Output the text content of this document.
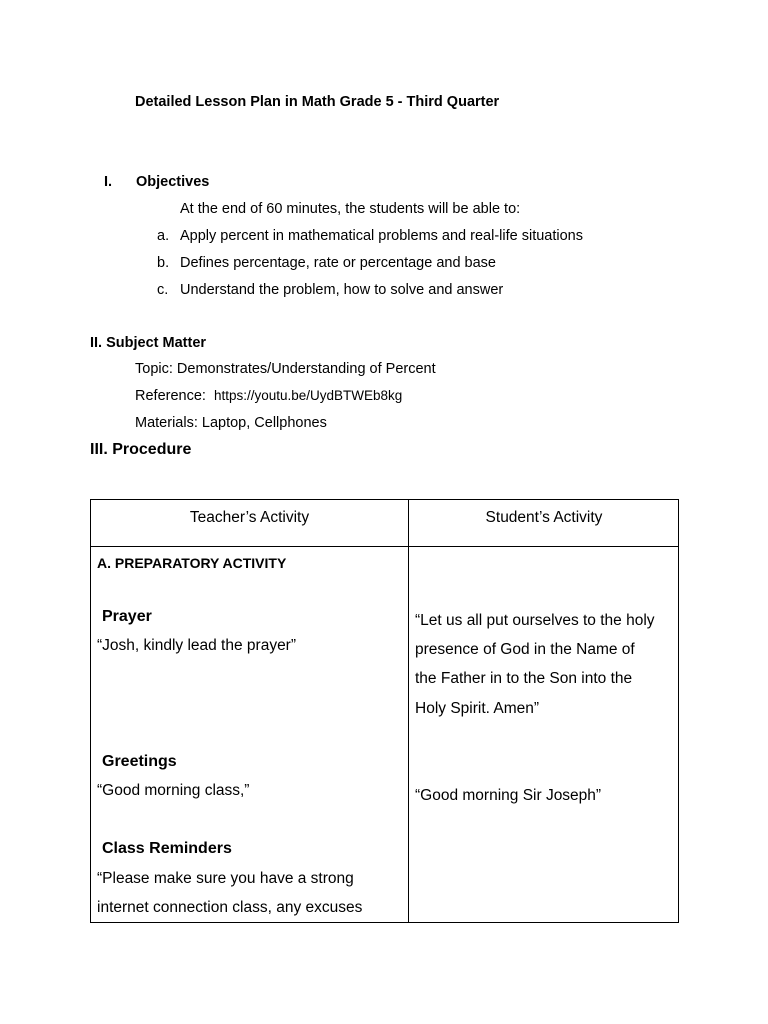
Detailed Lesson Plan in Math Grade 5 - Third Quarter
I. Objectives
At the end of 60 minutes, the students will be able to:
a. Apply percent in mathematical problems and real-life situations
b. Defines percentage, rate or percentage and base
c. Understand the problem, how to solve and answer
II. Subject Matter
Topic: Demonstrates/Understanding of Percent
Reference: https://youtu.be/UydBTWEb8kg
Materials: Laptop, Cellphones
III. Procedure
Teacher’s Activity	Student’s Activity
A. PREPARATORY ACTIVITY
Prayer
“Josh, kindly lead the prayer”
Greetings
“Good morning class,”
Class Reminders
“Please make sure you have a strong
internet connection class, any excuses
“Let us all put ourselves to the holy
presence of God in the Name of
the Father in to the Son into the
Holy Spirit. Amen”
“Good morning Sir Joseph”
